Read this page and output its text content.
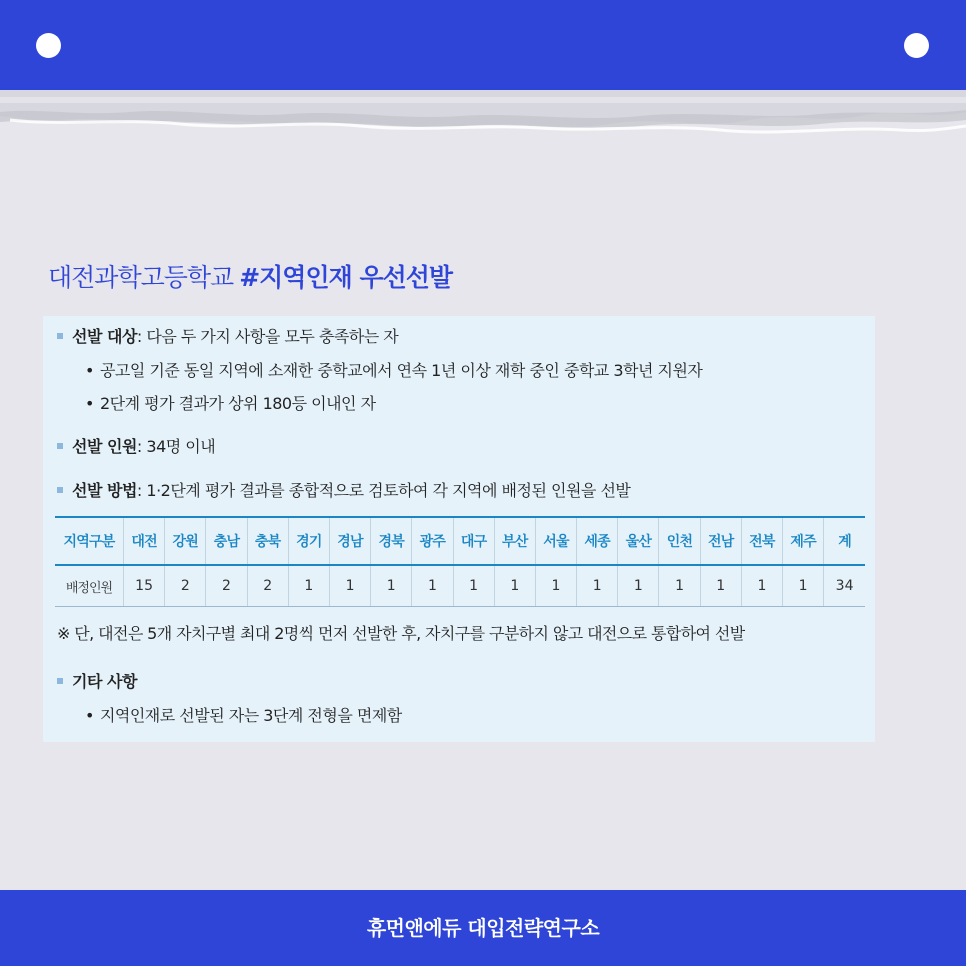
대전과학고등학교 #지역인재 우선선발
선발 대상: 다음 두 가지 사항을 모두 충족하는 자
• 공고일 기준 동일 지역에 소재한 중학교에서 연속 1년 이상 재학 중인 중학교 3학년 지원자
• 2단계 평가 결과가 상위 180등 이내인 자
선발 인원: 34명 이내
선발 방법: 1·2단계 평가 결과를 종합적으로 검토하여 각 지역에 배정된 인원을 선발
지역구분	대전	강원	충남	충북	경기	경남	경북	광주	대구	부산	서울	세종	울산	인천	전남	전북	제주	계
배정인원	15	2	2	2	1	1	1	1	1	1	1	1	1	1	1	1	1	34
※ 단, 대전은 5개 자치구별 최대 2명씩 먼저 선발한 후, 자치구를 구분하지 않고 대전으로 통합하여 선발
기타 사항
• 지역인재로 선발된 자는 3단계 전형을 면제함
휴먼앤에듀 대입전략연구소
